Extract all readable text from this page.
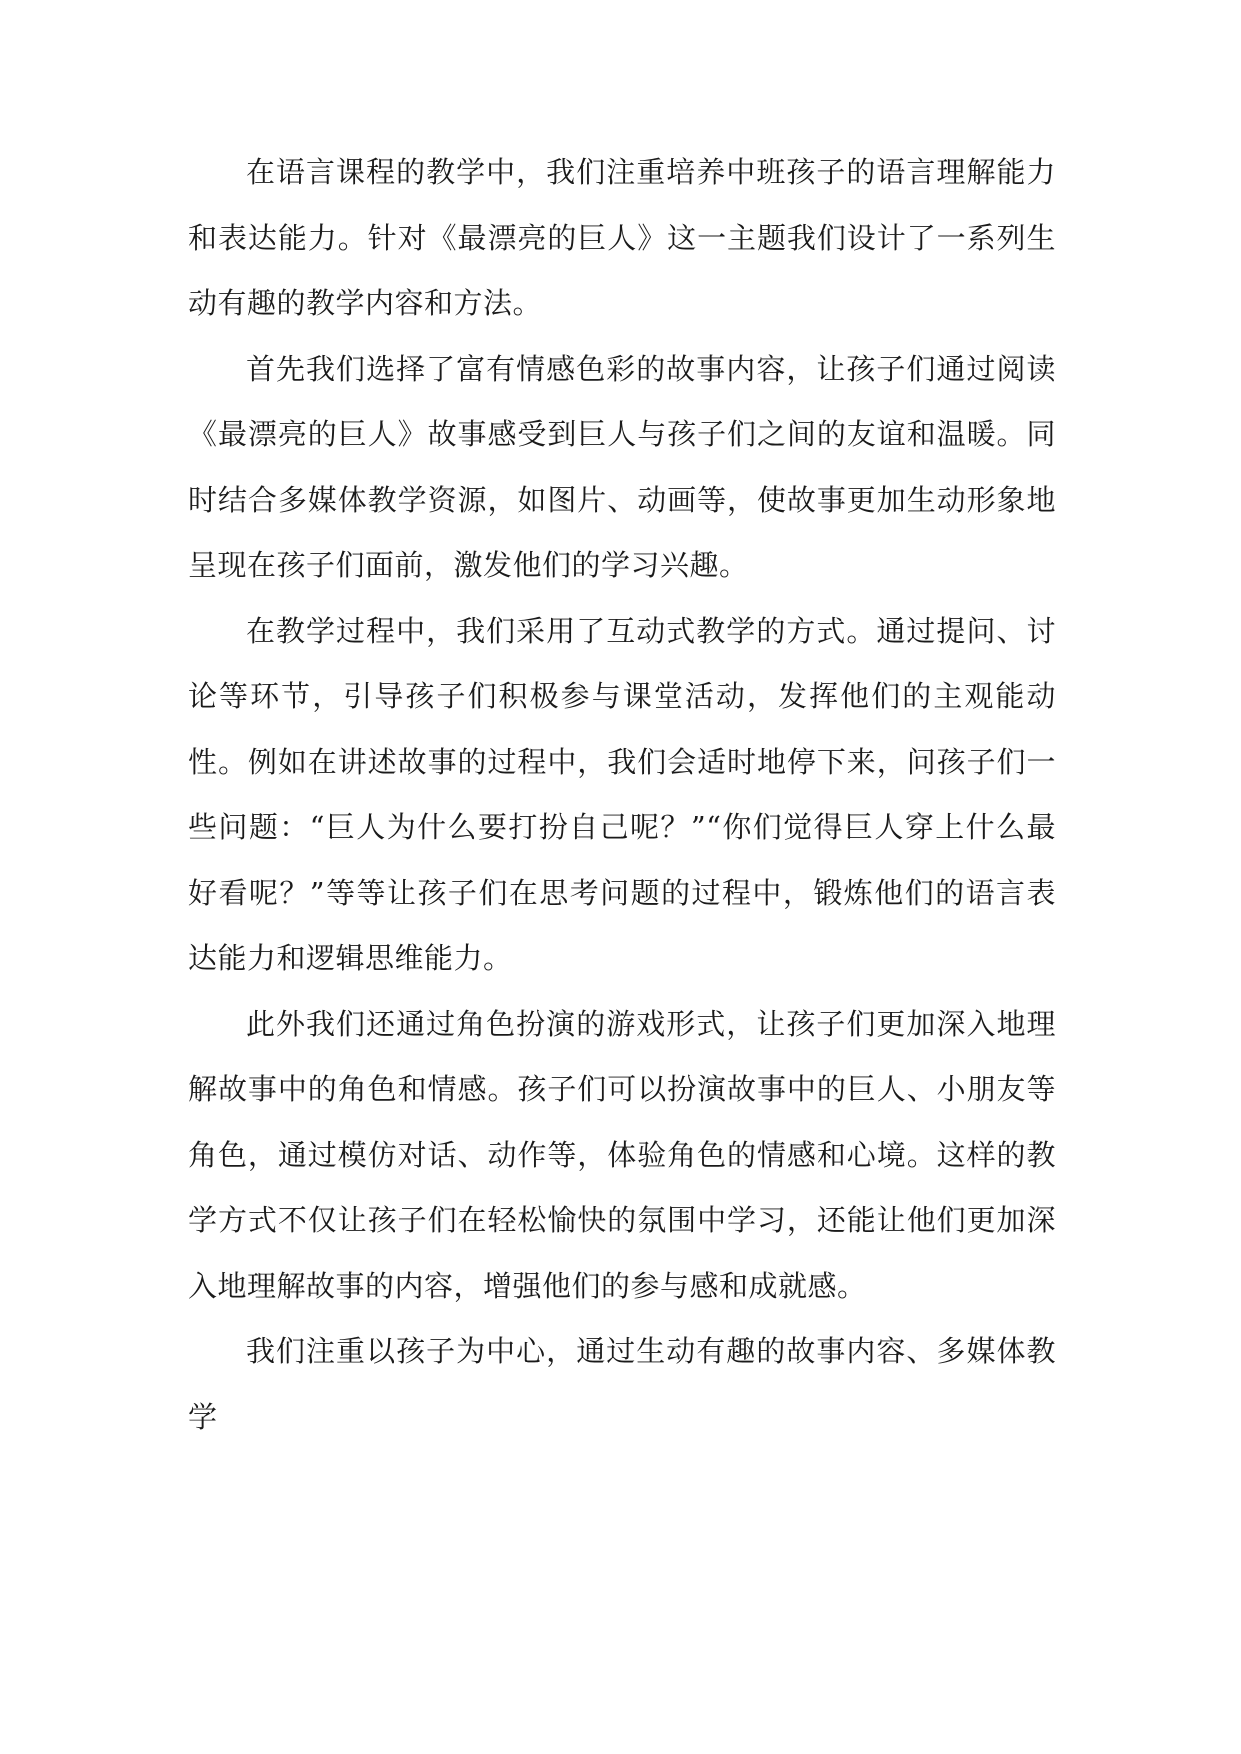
在语言课程的教学中，我们注重培养中班孩子的语言理解能力和表达能力。针对《最漂亮的巨人》这一主题我们设计了一系列生动有趣的教学内容和方法。

首先我们选择了富有情感色彩的故事内容，让孩子们通过阅读《最漂亮的巨人》故事感受到巨人与孩子们之间的友谊和温暖。同时结合多媒体教学资源，如图片、动画等，使故事更加生动形象地呈现在孩子们面前，激发他们的学习兴趣。

在教学过程中，我们采用了互动式教学的方式。通过提问、讨论等环节，引导孩子们积极参与课堂活动，发挥他们的主观能动性。例如在讲述故事的过程中，我们会适时地停下来，问孩子们一些问题：“巨人为什么要打扮自己呢？”“你们觉得巨人穿上什么最好看呢？”等等让孩子们在思考问题的过程中，锻炼他们的语言表达能力和逻辑思维能力。

此外我们还通过角色扮演的游戏形式，让孩子们更加深入地理解故事中的角色和情感。孩子们可以扮演故事中的巨人、小朋友等角色，通过模仿对话、动作等，体验角色的情感和心境。这样的教学方式不仅让孩子们在轻松愉快的氛围中学习，还能让他们更加深入地理解故事的内容，增强他们的参与感和成就感。

我们注重以孩子为中心，通过生动有趣的故事内容、多媒体教学
